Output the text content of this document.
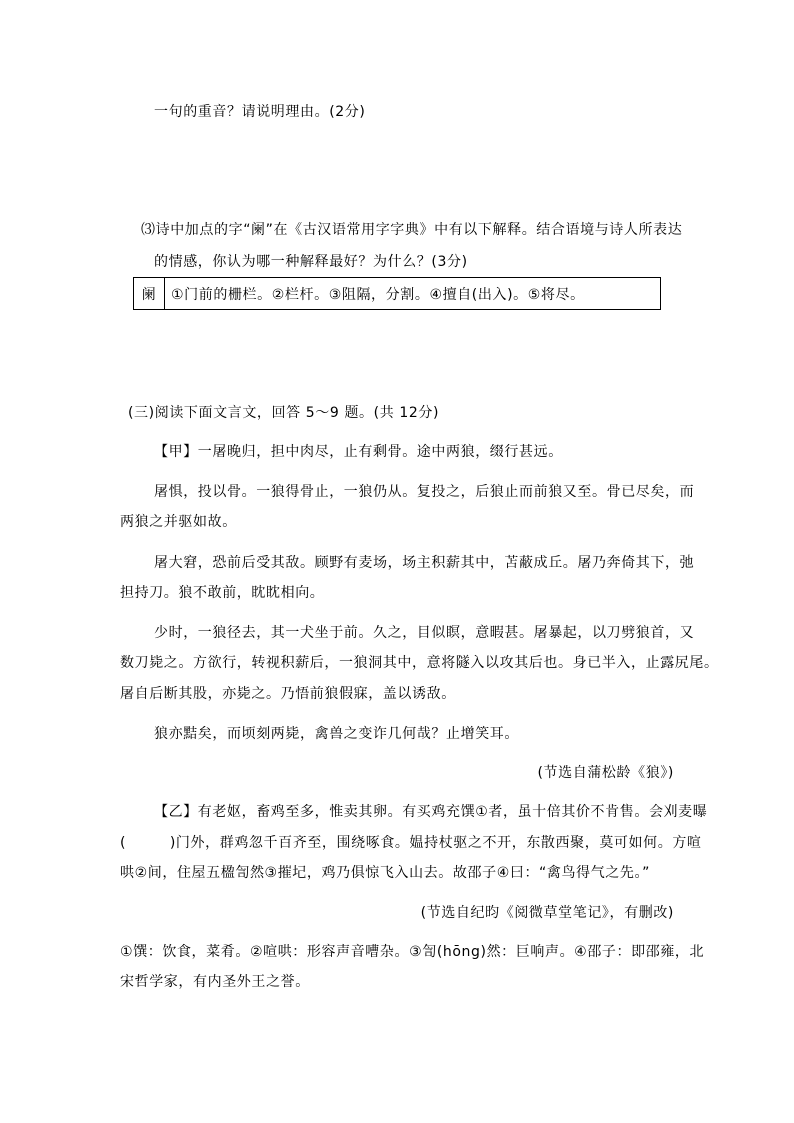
一句的重音？请说明理由。(2分)
⑶诗中加点的字“阑”在《古汉语常用字字典》中有以下解释。结合语境与诗人所表达
的情感，你认为哪一种解释最好？为什么？(3分)
阑	①门前的栅栏。②栏杆。③阻隔，分割。④擅自(出入)。⑤将尽。
(三)阅读下面文言文，回答 5～9 题。(共 12分)
【甲】一屠晚归，担中肉尽，止有剩骨。途中两狼，缀行甚远。
屠惧，投以骨。一狼得骨止，一狼仍从。复投之，后狼止而前狼又至。骨已尽矣，而
两狼之并驱如故。
屠大窘，恐前后受其敌。顾野有麦场，场主积薪其中，苫蔽成丘。屠乃奔倚其下，弛
担持刀。狼不敢前，眈眈相向。
少时，一狼径去，其一犬坐于前。久之，目似瞑，意暇甚。屠暴起，以刀劈狼首，又
数刀毙之。方欲行，转视积薪后，一狼洞其中，意将隧入以攻其后也。身已半入，止露尻尾。
屠自后断其股，亦毙之。乃悟前狼假寐，盖以诱敌。
狼亦黠矣，而顷刻两毙，禽兽之变诈几何哉？止增笑耳。
(节选自蒲松龄《狼》)
【乙】有老妪，畜鸡至多，惟卖其卵。有买鸡充馔①者，虽十倍其价不肯售。会刈麦曝
(　　　)门外，群鸡忽千百齐至，围绕啄食。媪持杖驱之不开，东散西聚，莫可如何。方喧
哄②间，住屋五楹訇然③摧圮，鸡乃俱惊飞入山去。故邵子④曰：“禽鸟得气之先。”
(节选自纪昀《阅微草堂笔记》，有删改)
①馔：饮食，菜肴。②喧哄：形容声音嘈杂。③訇(hōng)然：巨响声。④邵子：即邵雍，北
宋哲学家，有内圣外王之誉。
